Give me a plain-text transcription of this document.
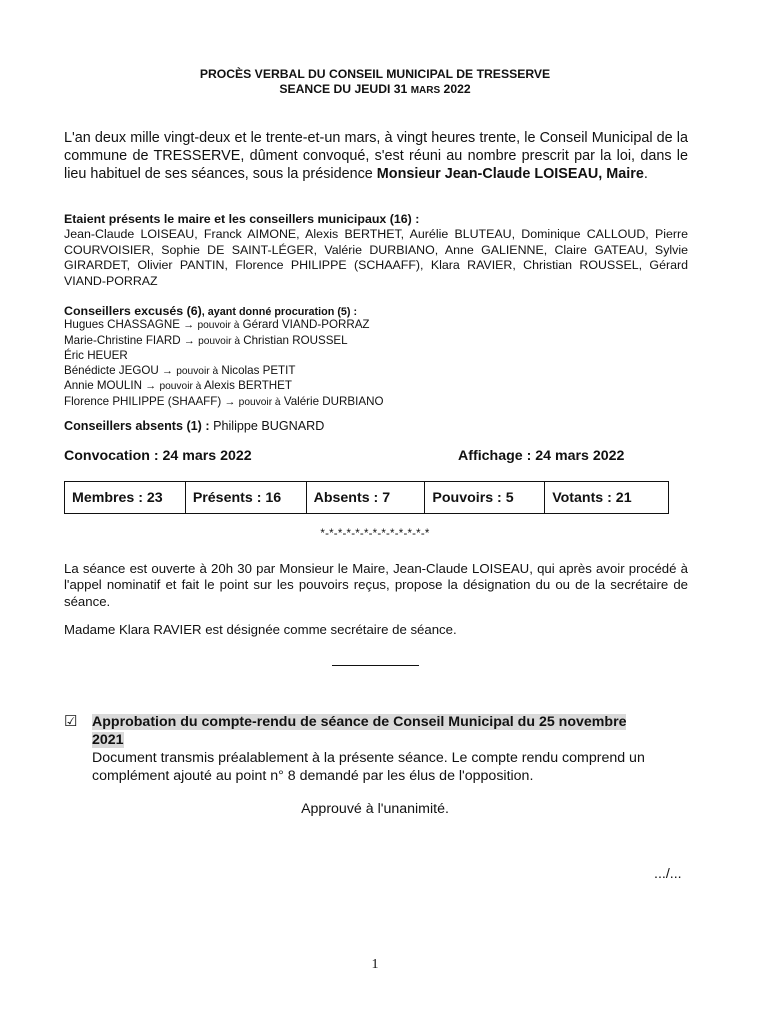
PROCÈS VERBAL DU CONSEIL MUNICIPAL DE TRESSERVE
SEANCE DU JEUDI 31 MARS 2022
L'an deux mille vingt-deux et le trente-et-un mars, à vingt heures trente, le Conseil Municipal de la commune de TRESSERVE, dûment convoqué, s'est réuni au nombre prescrit par la loi, dans le lieu habituel de ses séances, sous la présidence Monsieur Jean-Claude LOISEAU, Maire.
Etaient présents le maire et les conseillers municipaux (16) :
Jean-Claude LOISEAU, Franck AIMONE, Alexis BERTHET, Aurélie BLUTEAU, Dominique CALLOUD, Pierre COURVOISIER, Sophie DE SAINT-LÉGER, Valérie DURBIANO, Anne GALIENNE, Claire GATEAU, Sylvie GIRARDET, Olivier PANTIN, Florence PHILIPPE (SCHAAFF), Klara RAVIER, Christian ROUSSEL, Gérard VIAND-PORRAZ
Conseillers excusés (6), ayant donné procuration (5) :
Hugues CHASSAGNE → pouvoir à Gérard VIAND-PORRAZ
Marie-Christine FIARD → pouvoir à Christian ROUSSEL
Éric HEUER
Bénédicte JEGOU → pouvoir à Nicolas PETIT
Annie MOULIN → pouvoir à Alexis BERTHET
Florence PHILIPPE (SHAAFF) → pouvoir à Valérie DURBIANO
Conseillers absents (1) : Philippe BUGNARD
Convocation : 24 mars 2022	Affichage : 24 mars 2022
Membres : 23	Présents : 16	Absents : 7	Pouvoirs : 5	Votants : 21
*-*-*-*-*-*-*-*-*-*-*-*-*
La séance est ouverte à 20h 30 par Monsieur le Maire, Jean-Claude LOISEAU, qui après avoir procédé à l'appel nominatif et fait le point sur les pouvoirs reçus, propose la désignation du ou de la secrétaire de séance.
Madame Klara RAVIER est désignée comme secrétaire de séance.
☑ Approbation du compte-rendu de séance de Conseil Municipal du 25 novembre
2021
Document transmis préalablement à la présente séance. Le compte rendu comprend un complément ajouté au point n° 8 demandé par les élus de l'opposition.
Approuvé à l'unanimité.
.../...
1
